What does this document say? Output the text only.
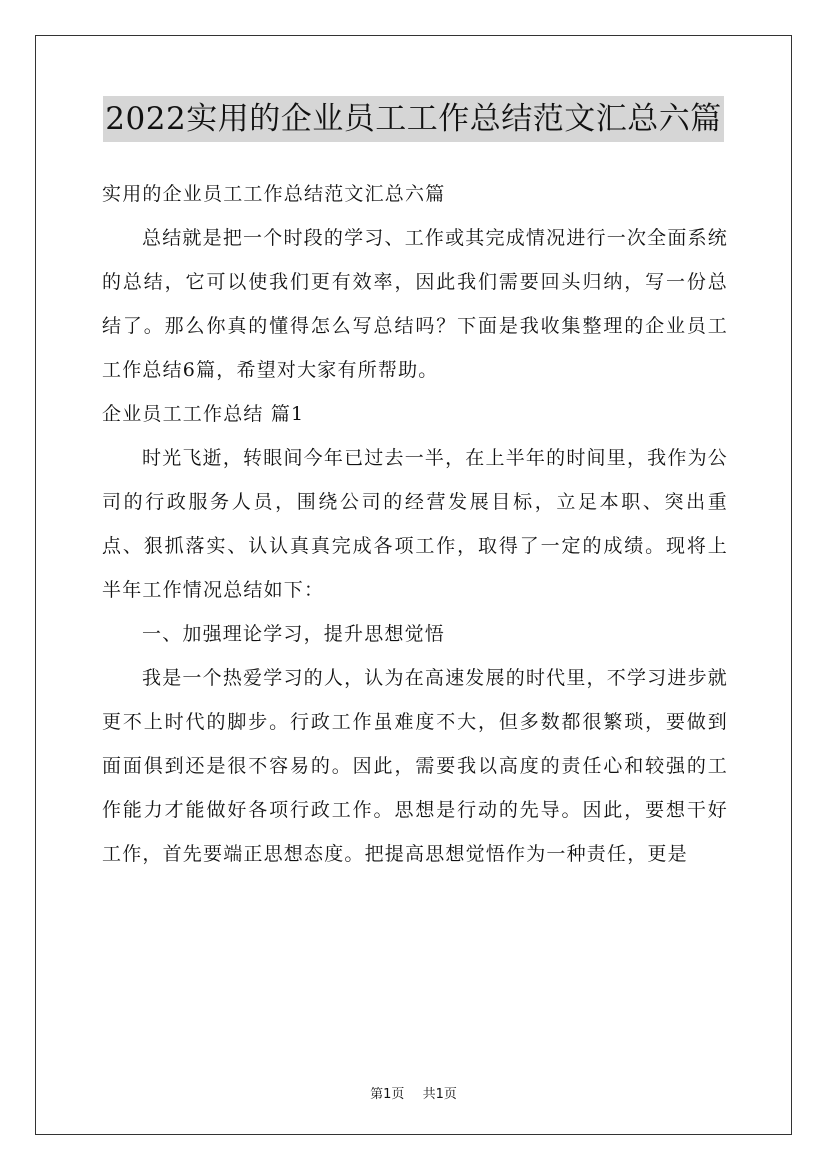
2022实用的企业员工工作总结范文汇总六篇

实用的企业员工工作总结范文汇总六篇

总结就是把一个时段的学习、工作或其完成情况进行一次全面系统的总结，它可以使我们更有效率，因此我们需要回头归纳，写一份总结了。那么你真的懂得怎么写总结吗？下面是我收集整理的企业员工工作总结6篇，希望对大家有所帮助。

企业员工工作总结 篇1

时光飞逝，转眼间今年已过去一半，在上半年的时间里，我作为公司的行政服务人员，围绕公司的经营发展目标，立足本职、突出重点、狠抓落实、认认真真完成各项工作，取得了一定的成绩。现将上半年工作情况总结如下：

一、加强理论学习，提升思想觉悟

我是一个热爱学习的人，认为在高速发展的时代里，不学习进步就更不上时代的脚步。行政工作虽难度不大，但多数都很繁琐，要做到面面俱到还是很不容易的。因此，需要我以高度的责任心和较强的工作能力才能做好各项行政工作。思想是行动的先导。因此，要想干好工作，首先要端正思想态度。把提高思想觉悟作为一种责任，更是

第1页 共1页
